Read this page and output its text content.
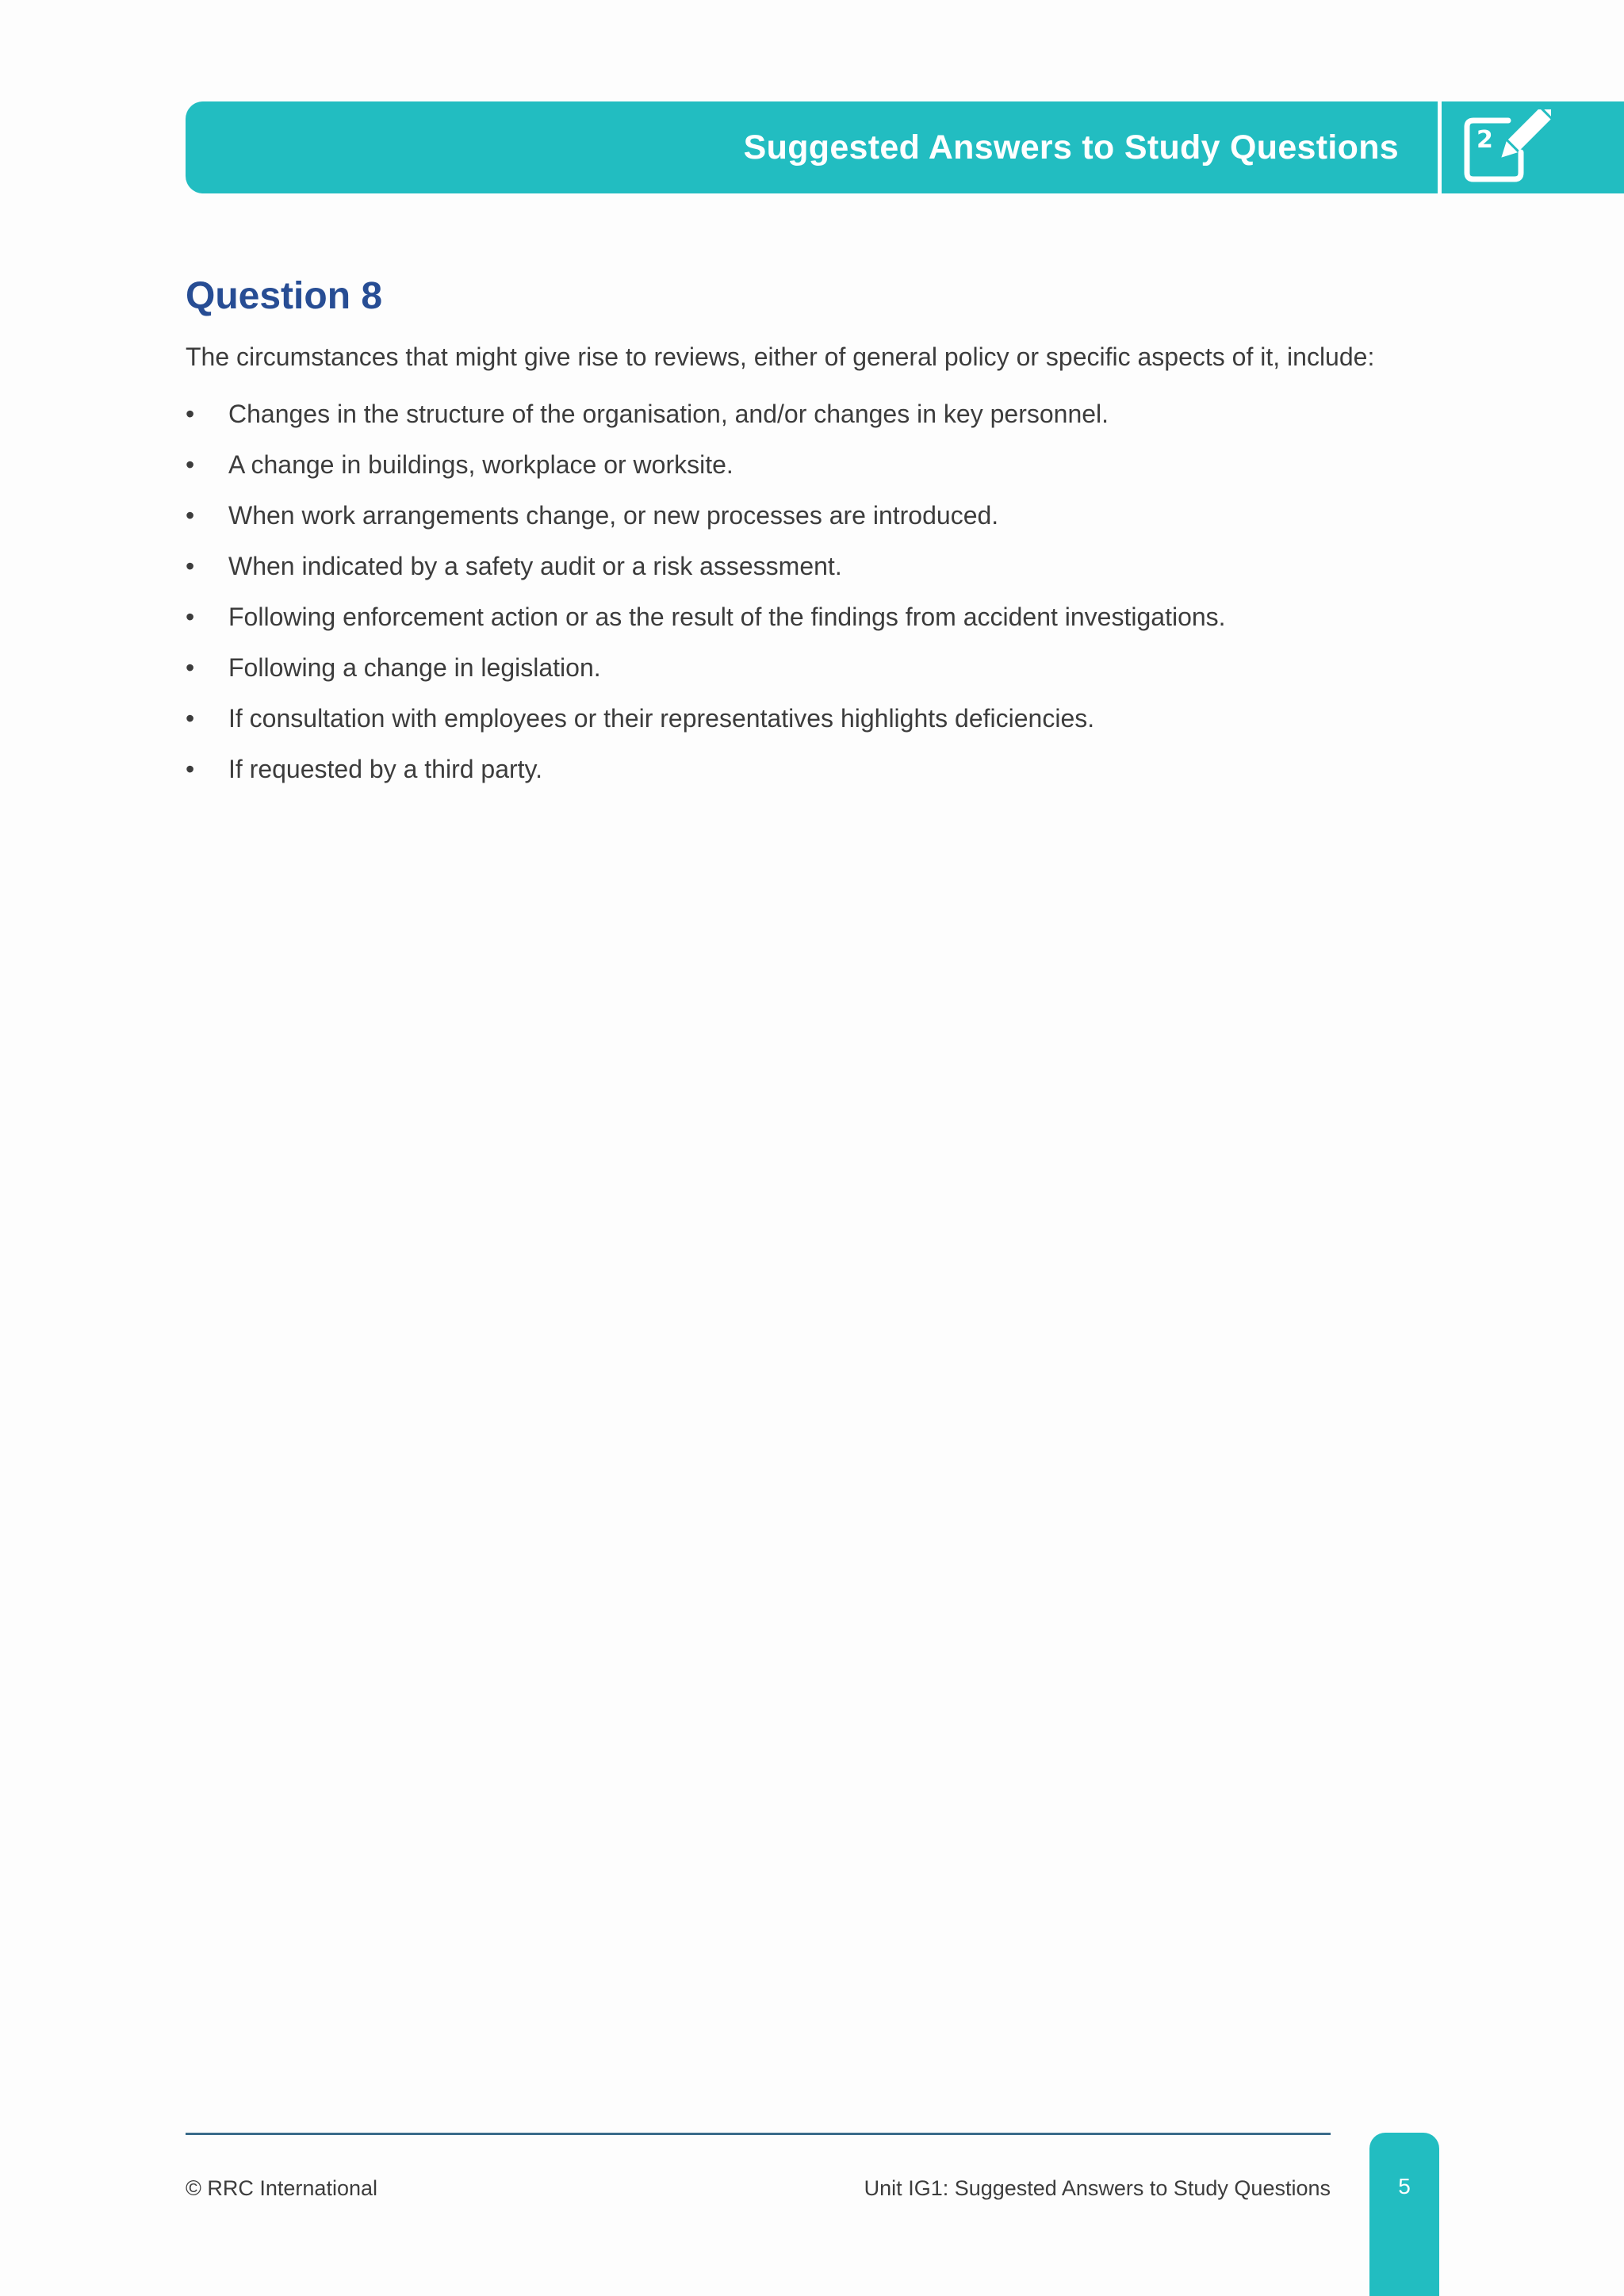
Suggested Answers to Study Questions	2
Question 8

The circumstances that might give rise to reviews, either of general policy or specific aspects of it, include:

• Changes in the structure of the organisation, and/or changes in key personnel.
• A change in buildings, workplace or worksite.
• When work arrangements change, or new processes are introduced.
• When indicated by a safety audit or a risk assessment.
• Following enforcement action or as the result of the findings from accident investigations.
• Following a change in legislation.
• If consultation with employees or their representatives highlights deficiencies.
• If requested by a third party.
© RRC International	Unit IG1: Suggested Answers to Study Questions	5
